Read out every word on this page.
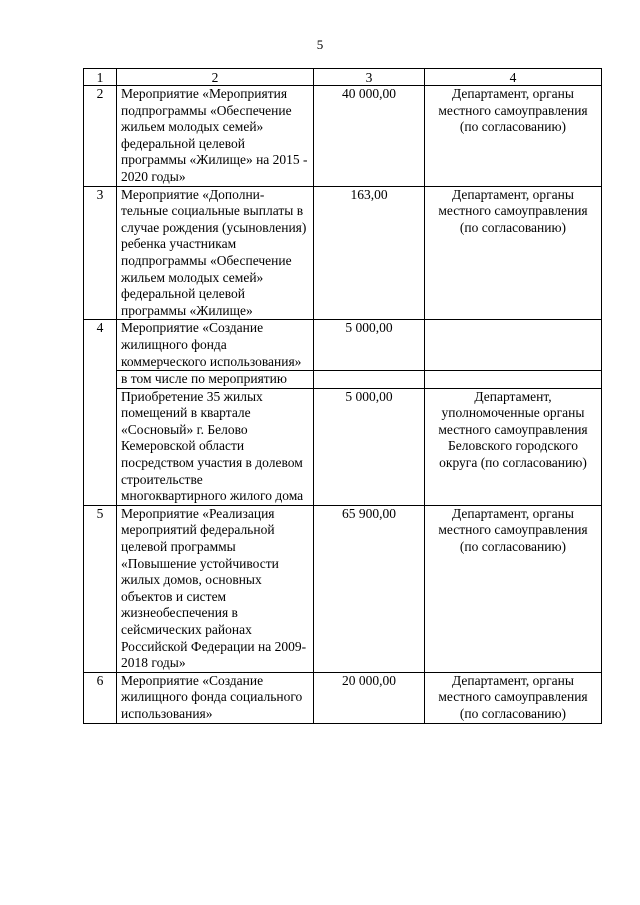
5
1	2	3	4
2	Мероприятие «Мероприятия подпрограммы «Обеспечение жильем молодых семей» федеральной целевой программы «Жилище» на 2015 - 2020 годы»	40 000,00	Департамент, органы местного самоуправления (по согласованию)
3	Мероприятие «Дополни-тельные социальные выплаты в случае рождения (усыновления) ребенка участникам подпрограммы «Обеспечение жильем молодых семей» федеральной целевой программы «Жилище»	163,00	Департамент, органы местного самоуправления (по согласованию)
4	Мероприятие «Создание жилищного фонда коммерческого использования»	5 000,00	
	в том числе по мероприятию		
	Приобретение 35 жилых помещений в квартале «Сосновый» г. Белово Кемеровской области посредством участия в долевом строительстве многоквартирного жилого дома	5 000,00	Департамент, уполномоченные органы местного самоуправления Беловского городского округа (по согласованию)
5	Мероприятие «Реализация мероприятий федеральной целевой программы «Повышение устойчивости жилых домов, основных объектов и систем жизнеобеспечения в сейсмических районах Российской Федерации на 2009-2018 годы»	65 900,00	Департамент, органы местного самоуправления (по согласованию)
6	Мероприятие «Создание жилищного фонда социального использования»	20 000,00	Департамент, органы местного самоуправления (по согласованию)
